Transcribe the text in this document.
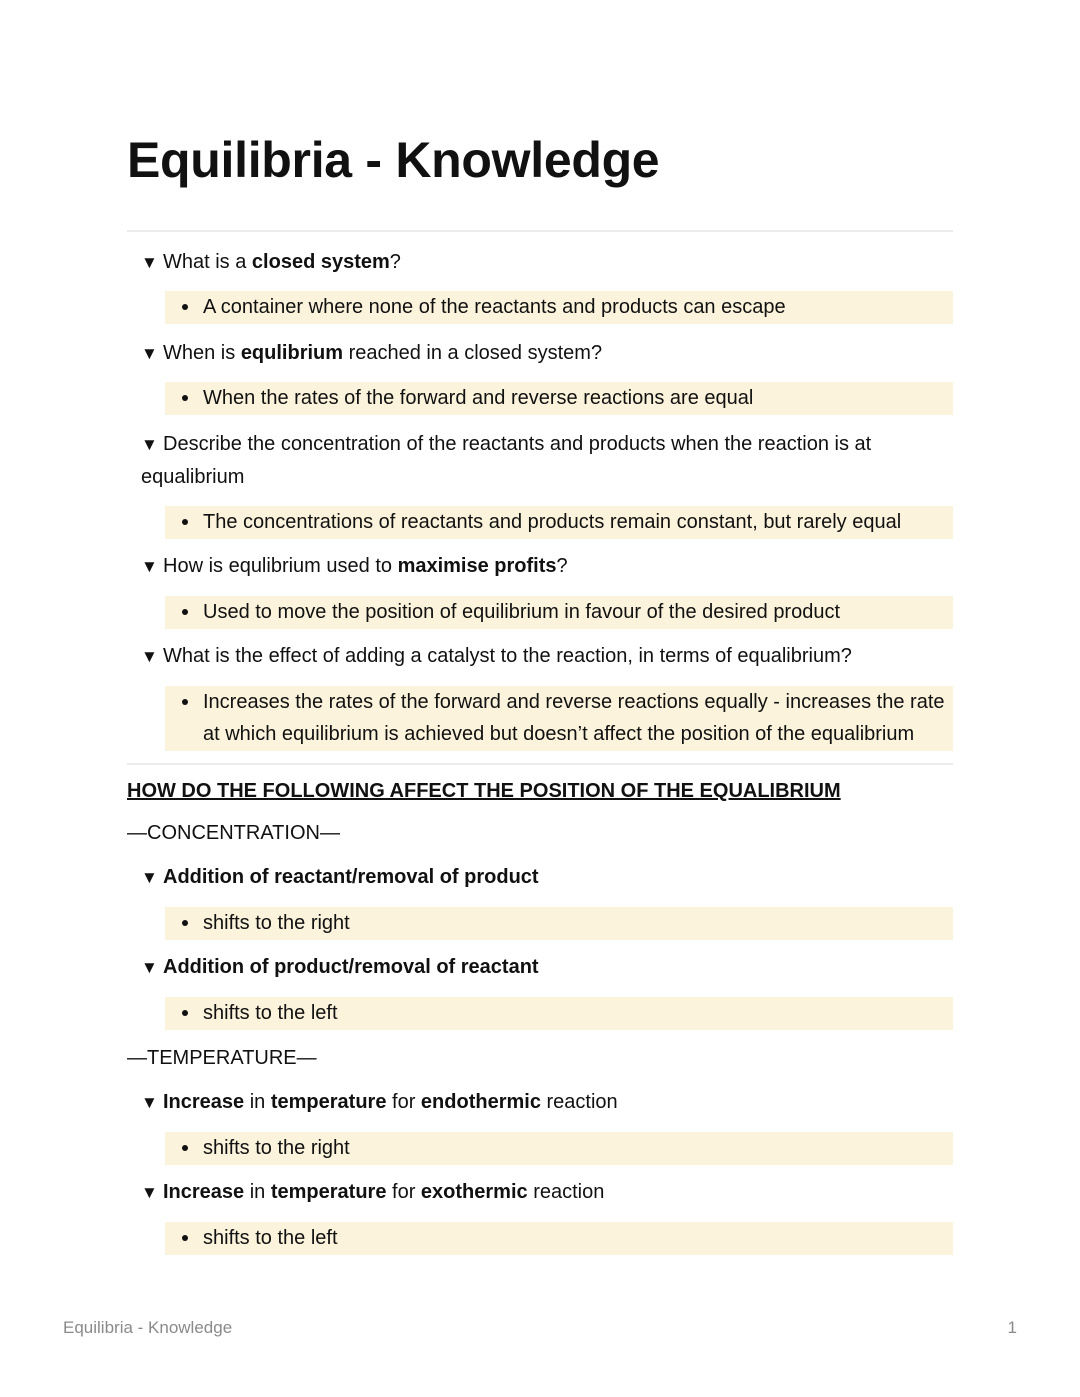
Equilibria - Knowledge
▼ What is a closed system?
A container where none of the reactants and products can escape
▼ When is equlibrium reached in a closed system?
When the rates of the forward and reverse reactions are equal
▼ Describe the concentration of the reactants and products when the reaction is at equalibrium
The concentrations of reactants and products remain constant, but rarely equal
▼ How is equlibrium used to maximise profits?
Used to move the position of equilibrium in favour of the desired product
▼ What is the effect of adding a catalyst to the reaction, in terms of equalibrium?
Increases the rates of the forward and reverse reactions equally - increases the rate at which equilibrium is achieved but doesn’t affect the position of the equalibrium
HOW DO THE FOLLOWING AFFECT THE POSITION OF THE EQUALIBRIUM
—CONCENTRATION—
▼ Addition of reactant/removal of product
shifts to the right
▼ Addition of product/removal of reactant
shifts to the left
—TEMPERATURE—
▼ Increase in temperature for endothermic reaction
shifts to the right
▼ Increase in temperature for exothermic reaction
shifts to the left
Equilibria - Knowledge	1
